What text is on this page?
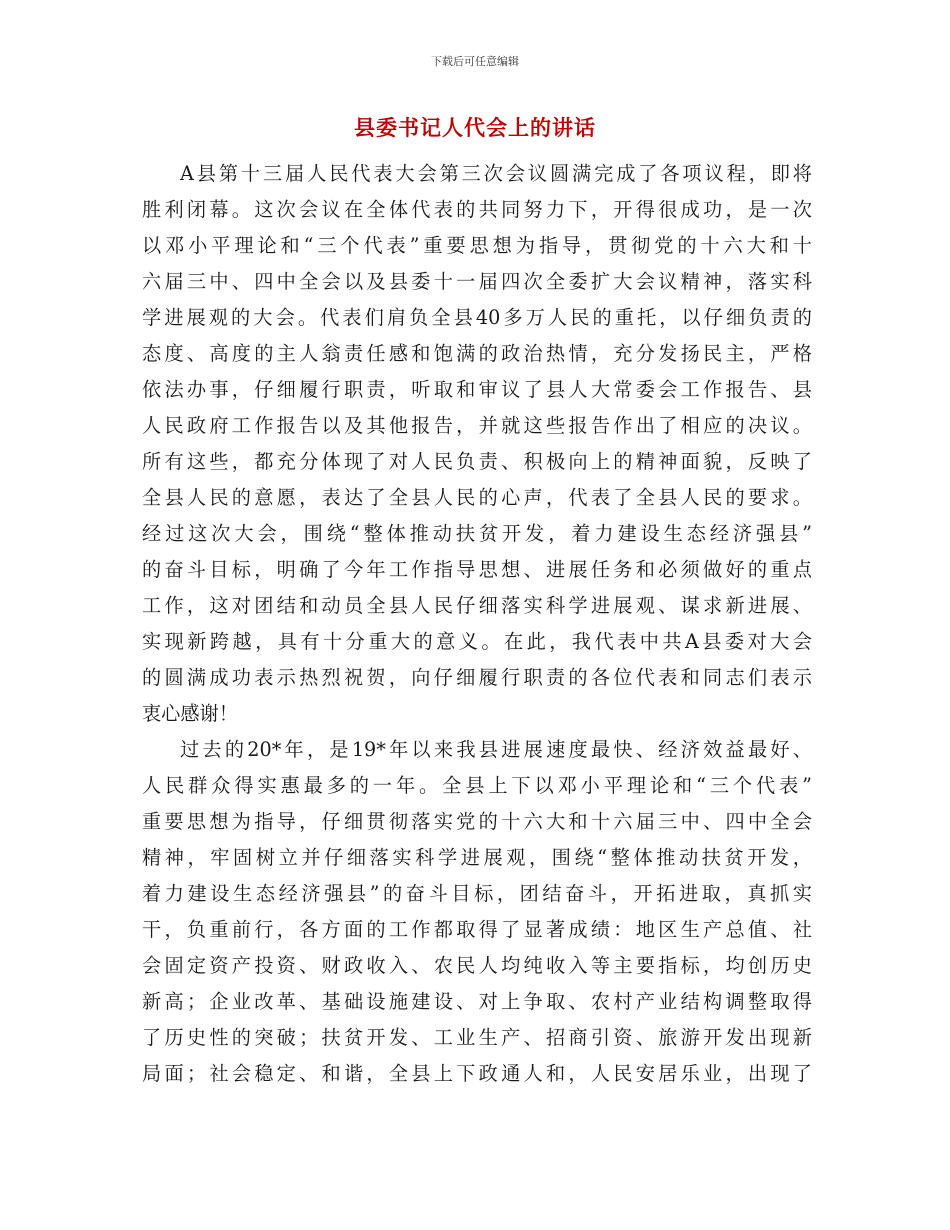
下载后可任意编辑
县委书记人代会上的讲话
A县第十三届人民代表大会第三次会议圆满完成了各项议程，即将
胜利闭幕。这次会议在全体代表的共同努力下，开得很成功，是一次
以邓小平理论和“三个代表”重要思想为指导，贯彻党的十六大和十
六届三中、四中全会以及县委十一届四次全委扩大会议精神，落实科
学进展观的大会。代表们肩负全县40多万人民的重托，以仔细负责的
态度、高度的主人翁责任感和饱满的政治热情，充分发扬民主，严格
依法办事，仔细履行职责，听取和审议了县人大常委会工作报告、县
人民政府工作报告以及其他报告，并就这些报告作出了相应的决议。
所有这些，都充分体现了对人民负责、积极向上的精神面貌，反映了
全县人民的意愿，表达了全县人民的心声，代表了全县人民的要求。
经过这次大会，围绕“整体推动扶贫开发，着力建设生态经济强县”
的奋斗目标，明确了今年工作指导思想、进展任务和必须做好的重点
工作，这对团结和动员全县人民仔细落实科学进展观、谋求新进展、
实现新跨越，具有十分重大的意义。在此，我代表中共A县委对大会
的圆满成功表示热烈祝贺，向仔细履行职责的各位代表和同志们表示
衷心感谢！
过去的20*年，是19*年以来我县进展速度最快、经济效益最好、
人民群众得实惠最多的一年。全县上下以邓小平理论和“三个代表”
重要思想为指导，仔细贯彻落实党的十六大和十六届三中、四中全会
精神，牢固树立并仔细落实科学进展观，围绕“整体推动扶贫开发，
着力建设生态经济强县”的奋斗目标，团结奋斗，开拓进取，真抓实
干，负重前行，各方面的工作都取得了显著成绩：地区生产总值、社
会固定资产投资、财政收入、农民人均纯收入等主要指标，均创历史
新高；企业改革、基础设施建设、对上争取、农村产业结构调整取得
了历史性的突破；扶贫开发、工业生产、招商引资、旅游开发出现新
局面；社会稳定、和谐，全县上下政通人和，人民安居乐业，出现了
